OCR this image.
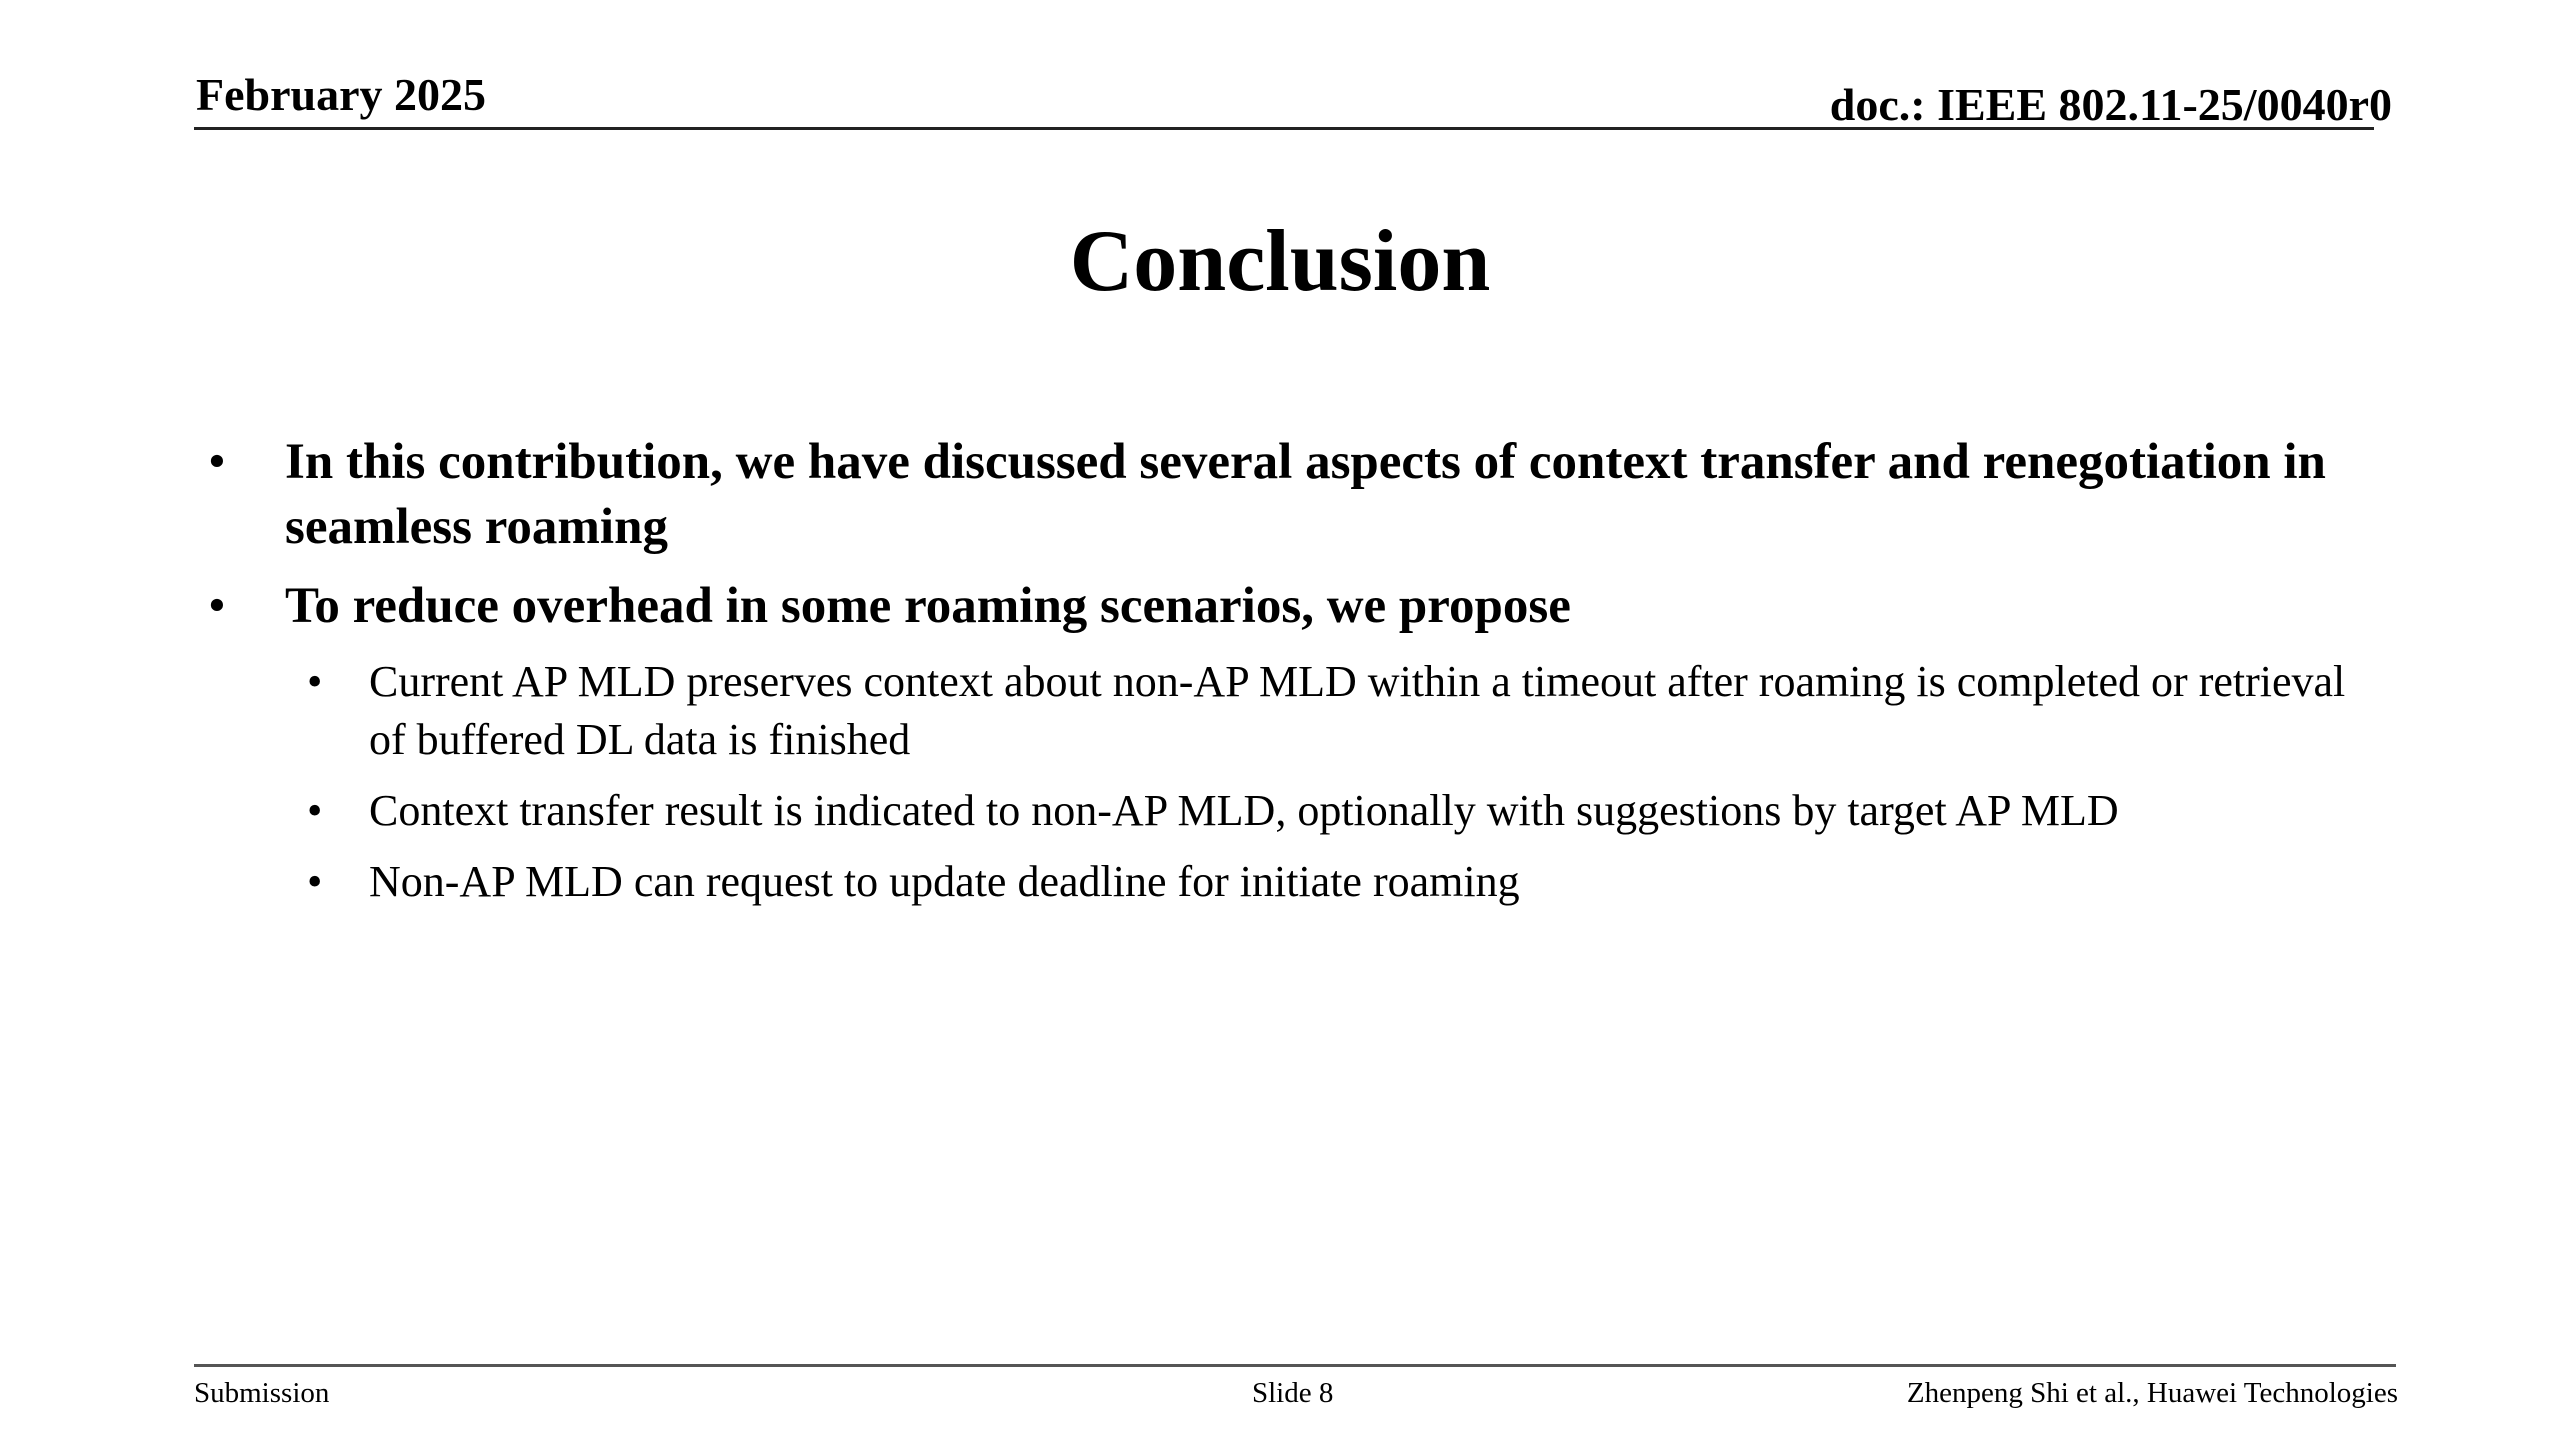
February 2025	doc.: IEEE 802.11-25/0040r0
Conclusion
• In this contribution, we have discussed several aspects of context transfer and renegotiation in seamless roaming
• To reduce overhead in some roaming scenarios, we propose
• Current AP MLD preserves context about non-AP MLD within a timeout after roaming is completed or retrieval of buffered DL data is finished
• Context transfer result is indicated to non-AP MLD, optionally with suggestions by target AP MLD
• Non-AP MLD can request to update deadline for initiate roaming
Submission	Slide 8	Zhenpeng Shi et al., Huawei Technologies
